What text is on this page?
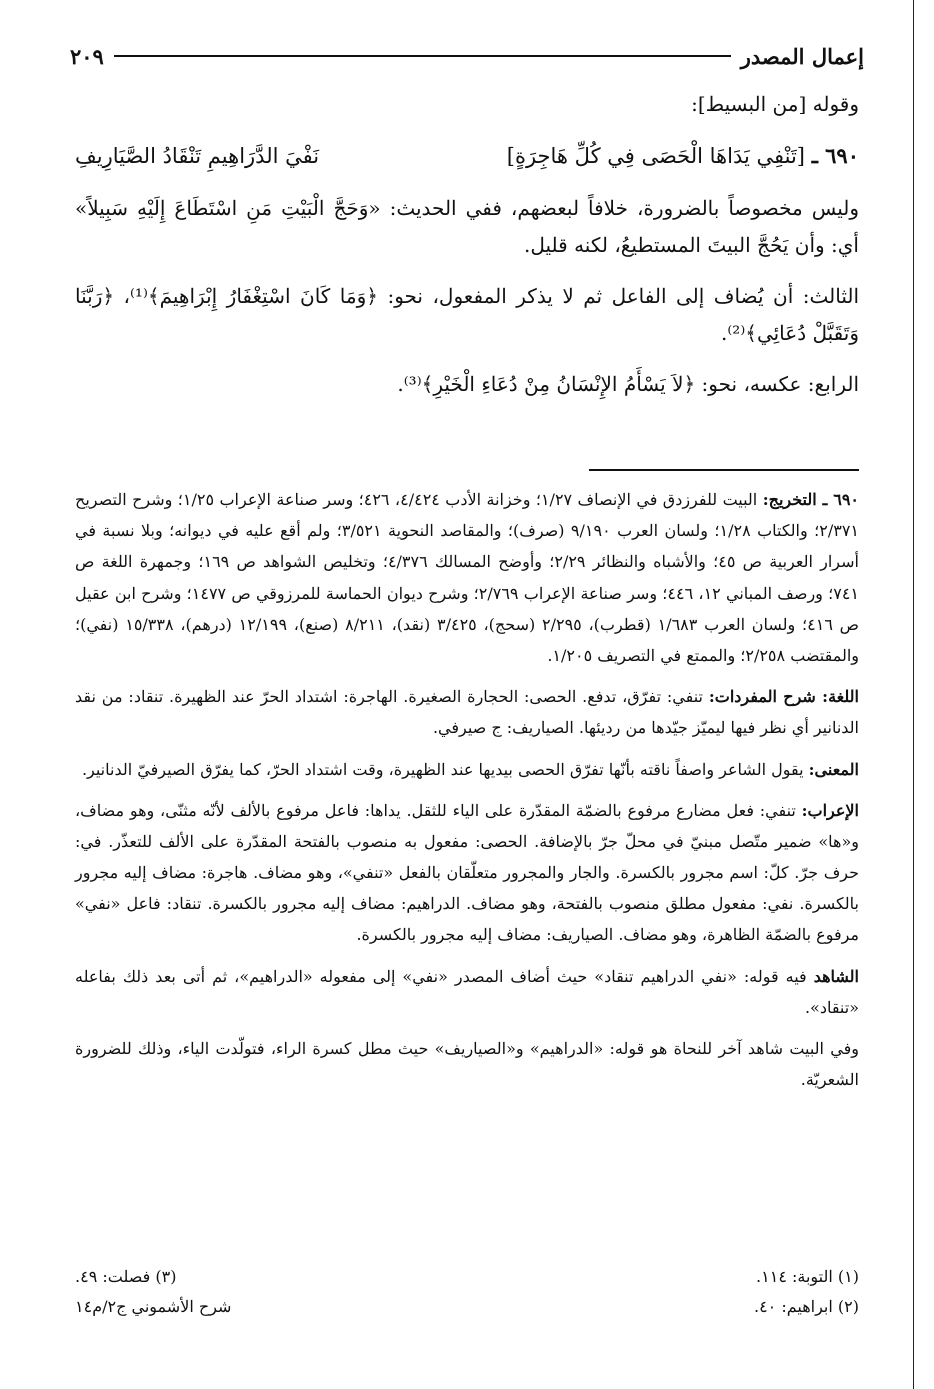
إعمال المصدر
٢٠٩

وقوله [من البسيط]:

٦٩٠ ـ [تَنْفِي يَدَاهَا الْحَصَى فِي كُلِّ هَاجِرَةٍ]
نَفْيَ الدَّرَاهِيمِ تَنْقَادُ الصَّيَارِيفِ

وليس مخصوصاً بالضرورة، خلافاً لبعضهم، ففي الحديث: «وَحَجَّ الْبَيْتِ مَنِ اسْتَطَاعَ إِلَيْهِ سَبِيلاً» أي: وأن يَحُجَّ البيتَ المستطيعُ، لكنه قليل.

الثالث: أن يُضاف إلى الفاعل ثم لا يذكر المفعول، نحو: ﴿وَمَا كَانَ اسْتِغْفَارُ إِبْرَاهِيمَ﴾⁽¹⁾، ﴿رَبَّنَا وَتَقَبَّلْ دُعَائِي﴾⁽²⁾.

الرابع: عكسه، نحو: ﴿لاَ يَسْأَمُ الإِنْسَانُ مِنْ دُعَاءِ الْخَيْرِ﴾⁽³⁾.

٦٩٠ ـ التخريج: البيت للفرزدق في الإنصاف ١/٢٧؛ وخزانة الأدب ٤/٤٢٤، ٤٢٦؛ وسر صناعة الإعراب ١/٢٥؛ وشرح التصريح ٢/٣٧١؛ والكتاب ١/٢٨؛ ولسان العرب ٩/١٩٠ (صرف)؛ والمقاصد النحوية ٣/٥٢١؛ ولم أقع عليه في ديوانه؛ وبلا نسبة في أسرار العربية ص ٤٥؛ والأشباه والنظائر ٢/٢٩؛ وأوضح المسالك ٤/٣٧٦؛ وتخليص الشواهد ص ١٦٩؛ وجمهرة اللغة ص ٧٤١؛ ورصف المباني ١٢، ٤٤٦؛ وسر صناعة الإعراب ٢/٧٦٩؛ وشرح ديوان الحماسة للمرزوقي ص ١٤٧٧؛ وشرح ابن عقيل ص ٤١٦؛ ولسان العرب ١/٦٨٣ (قطرب)، ٢/٢٩٥ (سحج)، ٣/٤٢٥ (نقد)، ٨/٢١١ (صنع)، ١٢/١٩٩ (درهم)، ١٥/٣٣٨ (نفي)؛ والمقتضب ٢/٢٥٨؛ والممتع في التصريف ١/٢٠٥.

اللغة: شرح المفردات: تنفي: تفرّق، تدفع. الحصى: الحجارة الصغيرة. الهاجرة: اشتداد الحرّ عند الظهيرة. تنقاد: من نقد الدنانير أي نظر فيها ليميّز جيّدها من رديئها. الصياريف: ج صيرفي.

المعنى: يقول الشاعر واصفاً ناقته بأنّها تفرّق الحصى بيديها عند الظهيرة، وقت اشتداد الحرّ، كما يفرّق الصيرفيّ الدنانير.

الإعراب: تنفي: فعل مضارع مرفوع بالضمّة المقدّرة على الياء للثقل. يداها: فاعل مرفوع بالألف لأنّه مثنّى، وهو مضاف، و«ها» ضمير متّصل مبنيّ في محلّ جرّ بالإضافة. الحصى: مفعول به منصوب بالفتحة المقدّرة على الألف للتعذّر. في: حرف جرّ. كلّ: اسم مجرور بالكسرة. والجار والمجرور متعلّقان بالفعل «تنفي»، وهو مضاف. هاجرة: مضاف إليه مجرور بالكسرة. نفي: مفعول مطلق منصوب بالفتحة، وهو مضاف. الدراهيم: مضاف إليه مجرور بالكسرة. تنقاد: فاعل «نفي» مرفوع بالضمّة الظاهرة، وهو مضاف. الصياريف: مضاف إليه مجرور بالكسرة.

الشاهد فيه قوله: «نفي الدراهيم تنقاد» حيث أضاف المصدر «نفي» إلى مفعوله «الدراهيم»، ثم أتى بعد ذلك بفاعله «تنقاد».

وفي البيت شاهد آخر للنحاة هو قوله: «الدراهيم» و«الصياريف» حيث مطل كسرة الراء، فتولّدت الياء، وذلك للضرورة الشعريّة.

(١) التوبة: ١١٤.
(٣) فصلت: ٤٩.
(٢) ابراهيم: ٤٠.
شرح الأشموني ج٢/م١٤
